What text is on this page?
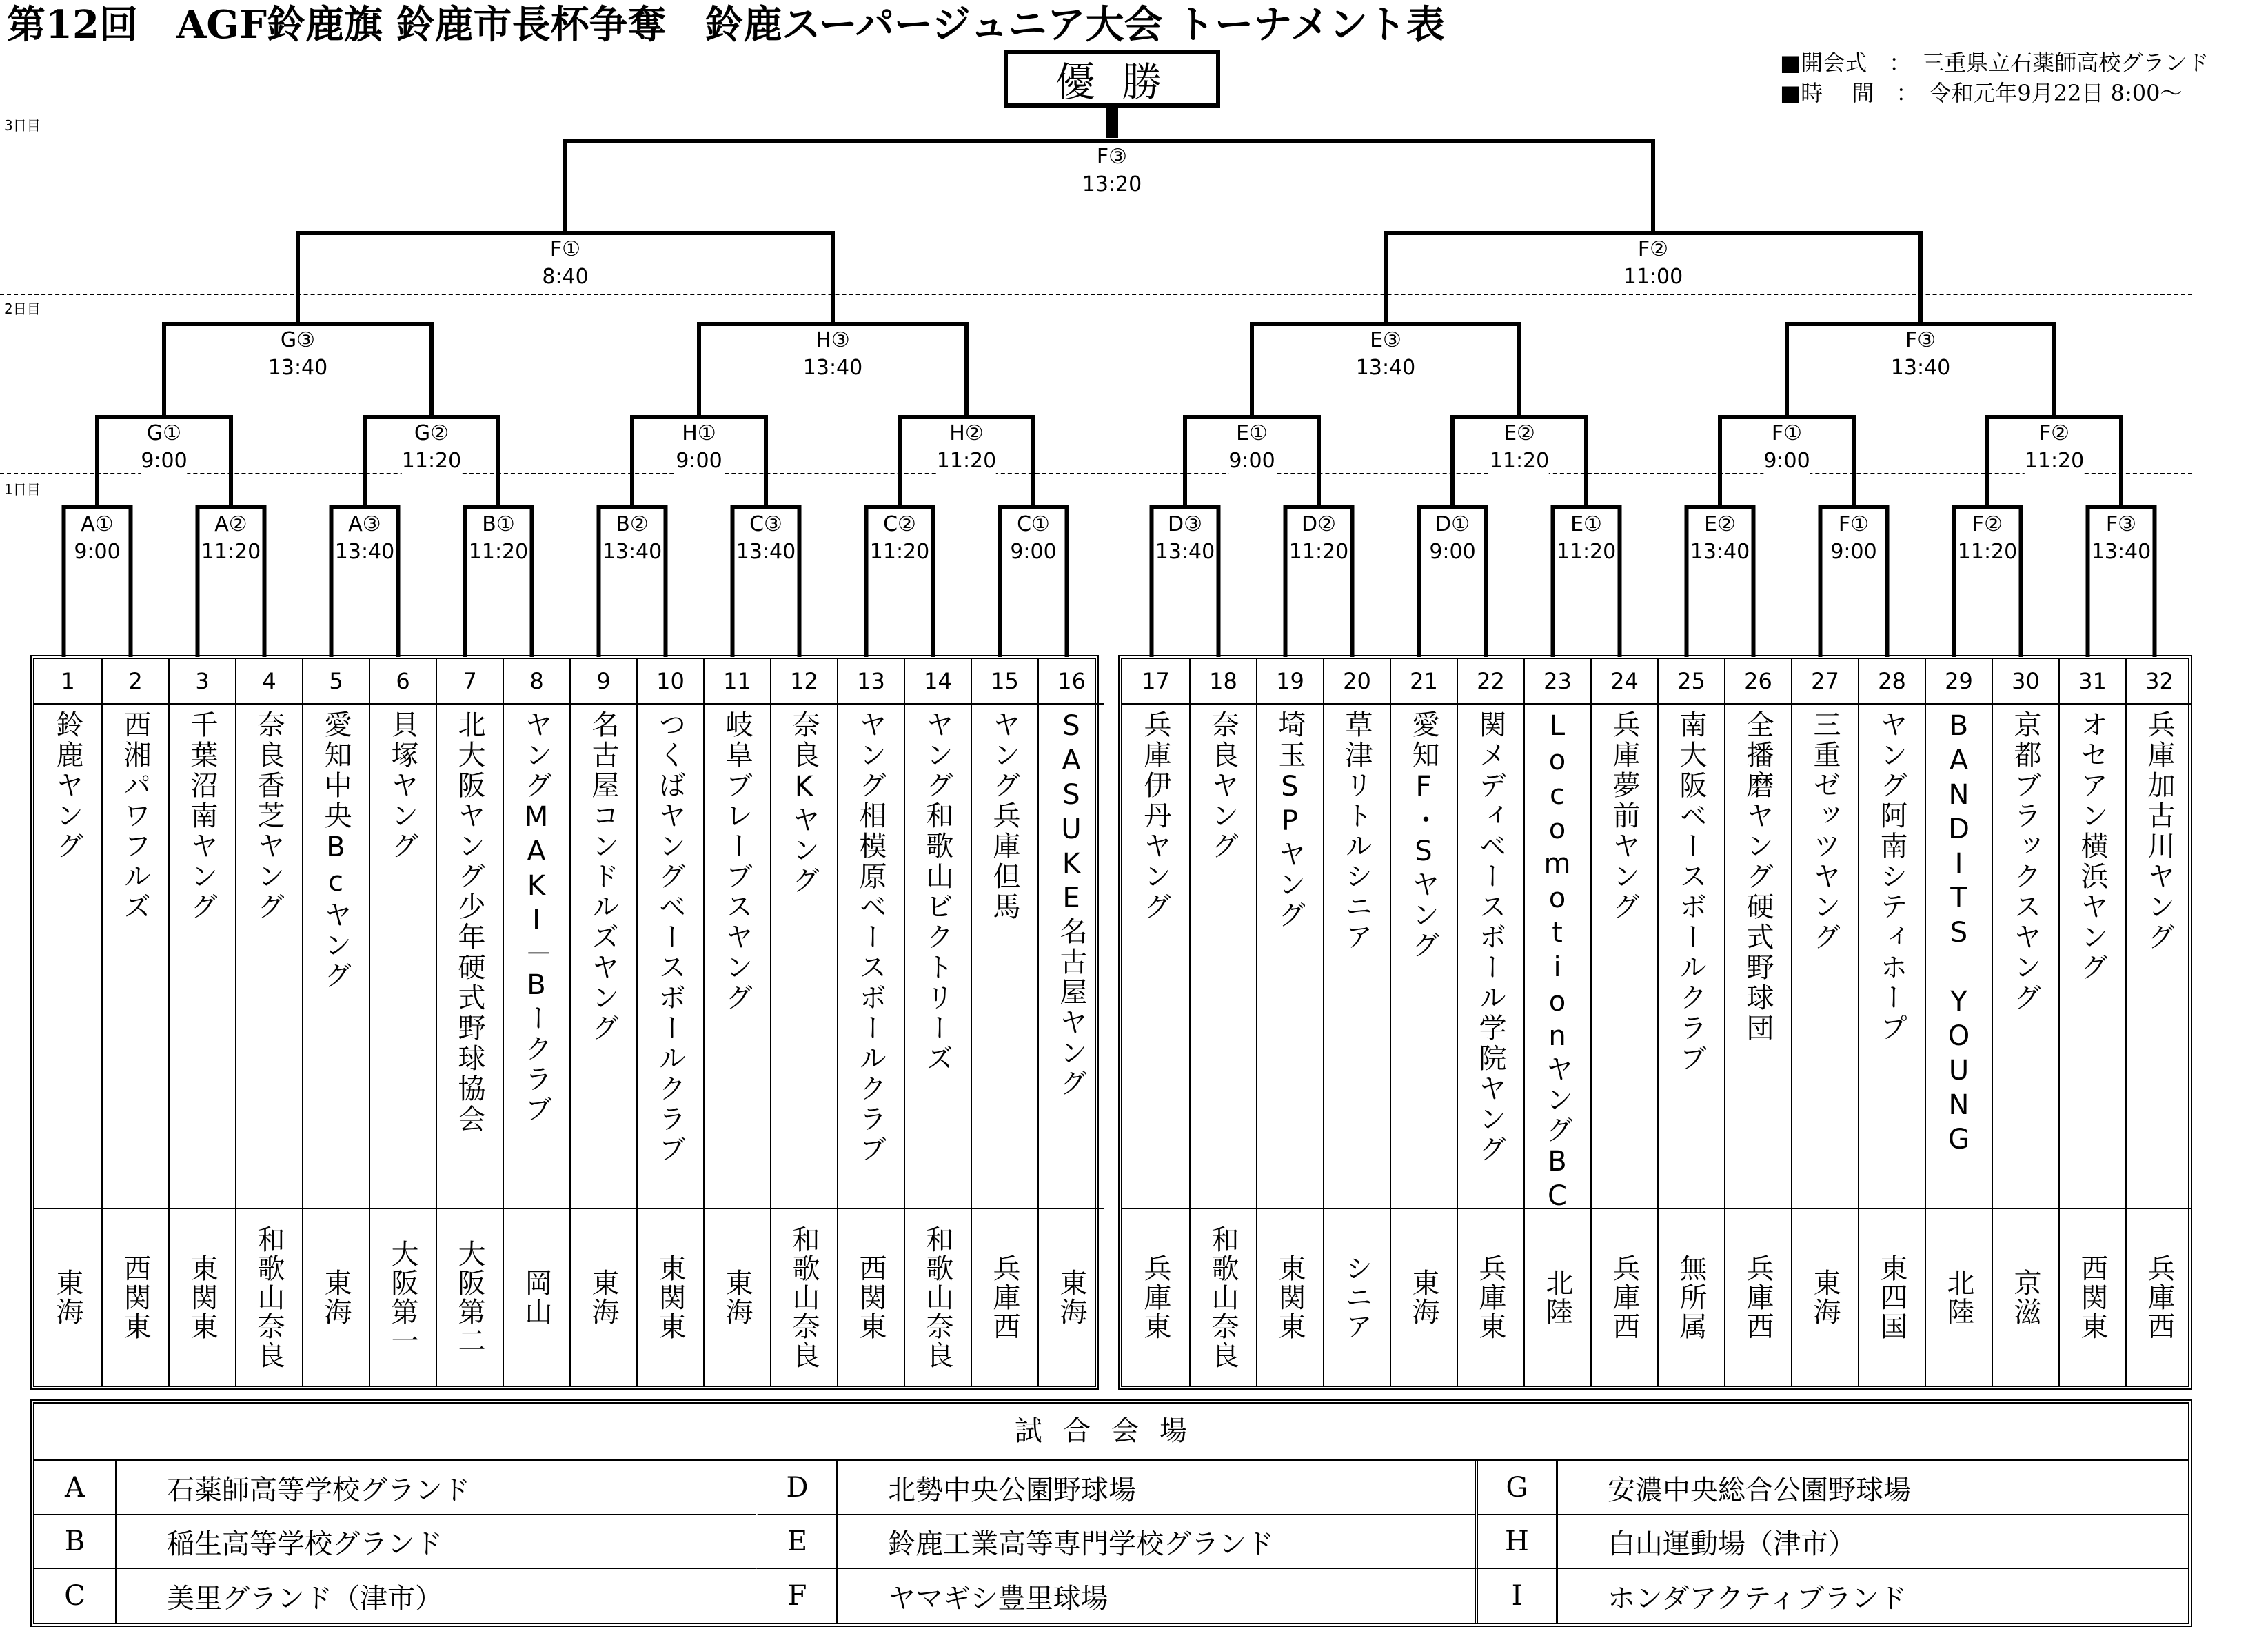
第12回　AGF鈴鹿旗 鈴鹿市長杯争奪　鈴鹿スーパージュニア大会 トーナメント表
優 勝	■開会式　：　三重県立石薬師高校グランド
■時　 間　：　令和元年9月22日 8:00〜
3日目
2日目
1日目
A①
9:00
A②
11:20
A③
13:40
B①
11:20
B②
13:40
C③
13:40
C②
11:20
C①
9:00
D③
13:40
D②
11:20
D①
9:00
E①
11:20
E②
13:40
F①
9:00
F②
11:20
F③
13:40
G①
9:00
G②
11:20
H①
9:00
H②
11:20
E①
9:00
E②
11:20
F①
9:00
F②
11:20
G③
13:40
H③
13:40
E③
13:40
F③
13:40
F①
8:40
F②
11:00
F③
13:20
1
鈴鹿ヤング
東海
2
西湘パワフルズ
西関東
3
千葉沼南ヤング
東関東
4
奈良香芝ヤング
和歌山奈良
5
愛知中央Bcヤング
東海
6
貝塚ヤング
大阪第一
7
北大阪ヤング少年硬式野球協会
大阪第二
8
ヤングMAKI－Bークラブ
岡山
9
名古屋コンドルズヤング
東海
10
つくばヤングベースボールクラブ
東関東
11
岐阜ブレーブスヤング
東海
12
奈良Kヤング
和歌山奈良
13
ヤング相模原ベースボールクラブ
西関東
14
ヤング和歌山ビクトリーズ
和歌山奈良
15
ヤング兵庫但馬
兵庫西
16
SASUKE名古屋ヤング
東海
17
兵庫伊丹ヤング
兵庫東
18
奈良ヤング
和歌山奈良
19
埼玉SPヤング
東関東
20
草津リトルシニア
シニア
21
愛知F・Sヤング
東海
22
関メディベースボール学院ヤング
兵庫東
23
LocomotionヤングBC
北陸
24
兵庫夢前ヤング
兵庫西
25
南大阪ベースボールクラブ
無所属
26
全播磨ヤング硬式野球団
兵庫西
27
三重ゼッツヤング
東海
28
ヤング阿南シティホープ
東四国
29
BANDITS YOUNG
北陸
30
京都ブラックスヤング
京滋
31
オセアン横浜ヤング
西関東
32
兵庫加古川ヤング
兵庫西
試合会場
A	石薬師高等学校グランド	D	北勢中央公園野球場	G	安濃中央総合公園野球場
B	稲生高等学校グランド	E	鈴鹿工業高等専門学校グランド	H	白山運動場（津市）
C	美里グランド（津市）	F	ヤマギシ豊里球場	I	ホンダアクティブランド
